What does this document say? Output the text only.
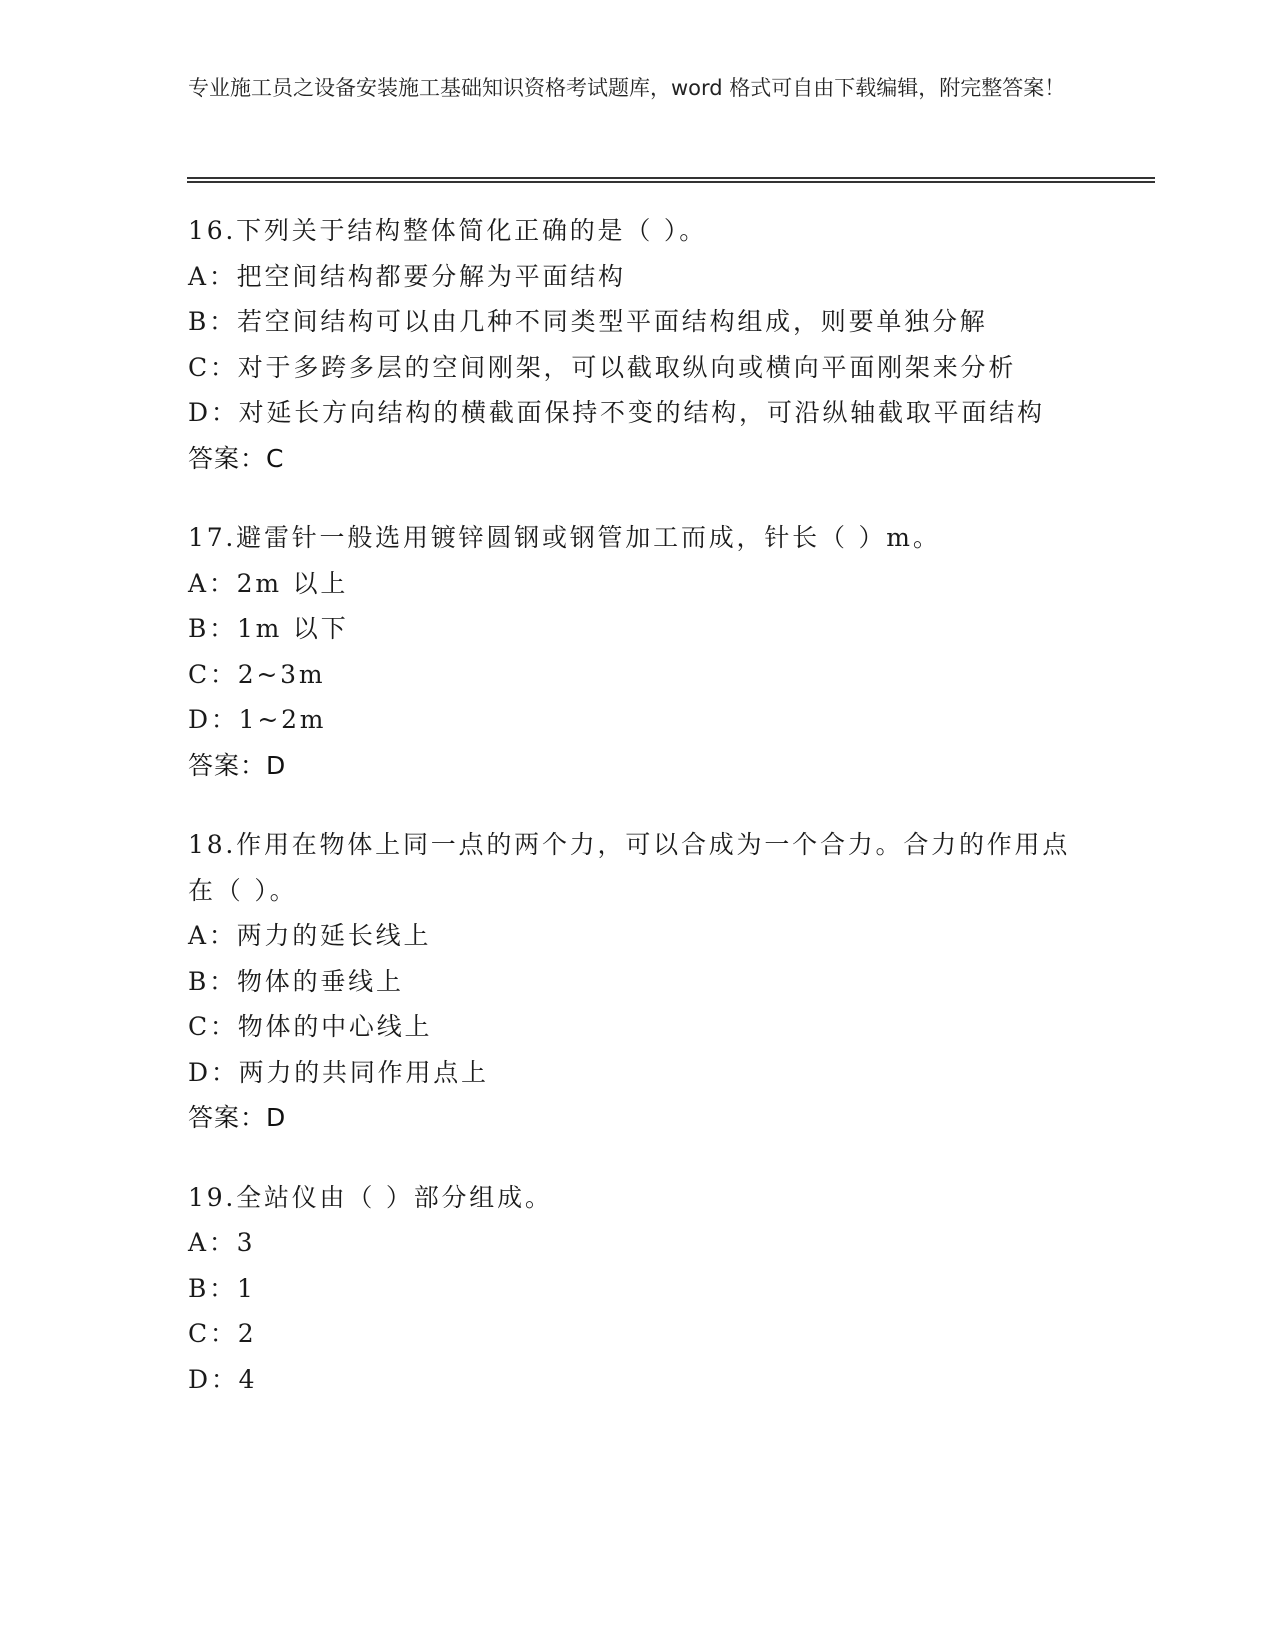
专业施工员之设备安装施工基础知识资格考试题库，word 格式可自由下载编辑，附完整答案！
16.下列关于结构整体简化正确的是（ ）。
A：把空间结构都要分解为平面结构
B：若空间结构可以由几种不同类型平面结构组成，则要单独分解
C：对于多跨多层的空间刚架，可以截取纵向或横向平面刚架来分析
D：对延长方向结构的横截面保持不变的结构，可沿纵轴截取平面结构
答案：C
17.避雷针一般选用镀锌圆钢或钢管加工而成，针长（ ）m。
A：2m 以上
B：1m 以下
C：2~3m
D：1~2m
答案：D
18.作用在物体上同一点的两个力，可以合成为一个合力。合力的作用点在（ ）。
A：两力的延长线上
B：物体的垂线上
C：物体的中心线上
D：两力的共同作用点上
答案：D
19.全站仪由（ ）部分组成。
A：3
B：1
C：2
D：4
